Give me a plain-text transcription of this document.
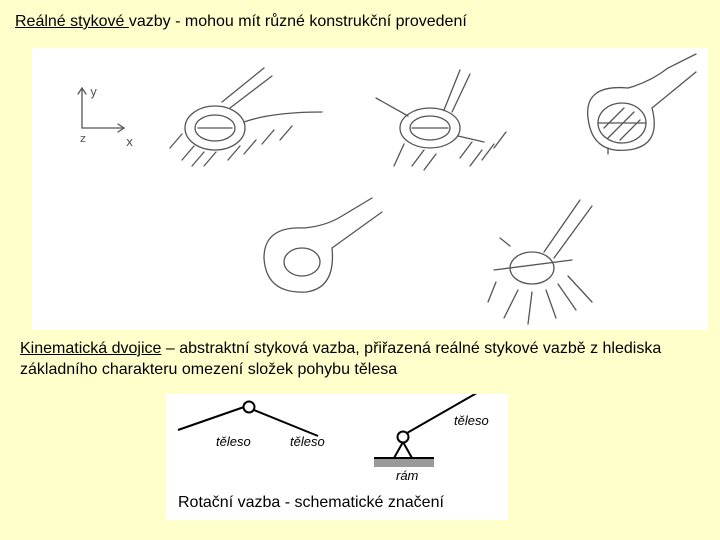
Reálné stykové vazby - mohou mít různé konstrukční provedení
y
x
z
Kinematická dvojice – abstraktní styková vazba, přiřazená reálné stykové vazbě z hlediska základního charakteru omezení složek pohybu tělesa
těleso	těleso
těleso
rám
Rotační vazba - schematické značení
